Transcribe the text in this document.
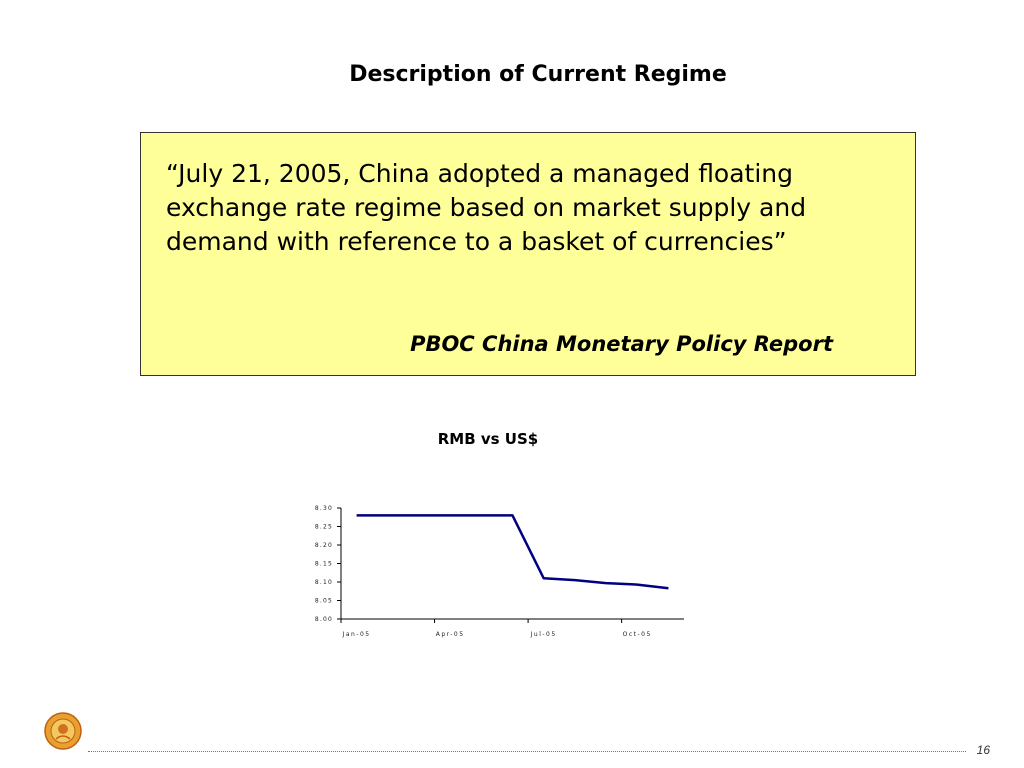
Description of Current Regime
“July 21, 2005, China adopted a managed floating exchange rate regime based on market supply and demand with reference to a basket of currencies”
PBOC China Monetary Policy Report
RMB vs US$
8.00
8.05
8.10
8.15
8.20
8.25
8.30
Jan-05	Apr-05	Jul-05	Oct-05
16
